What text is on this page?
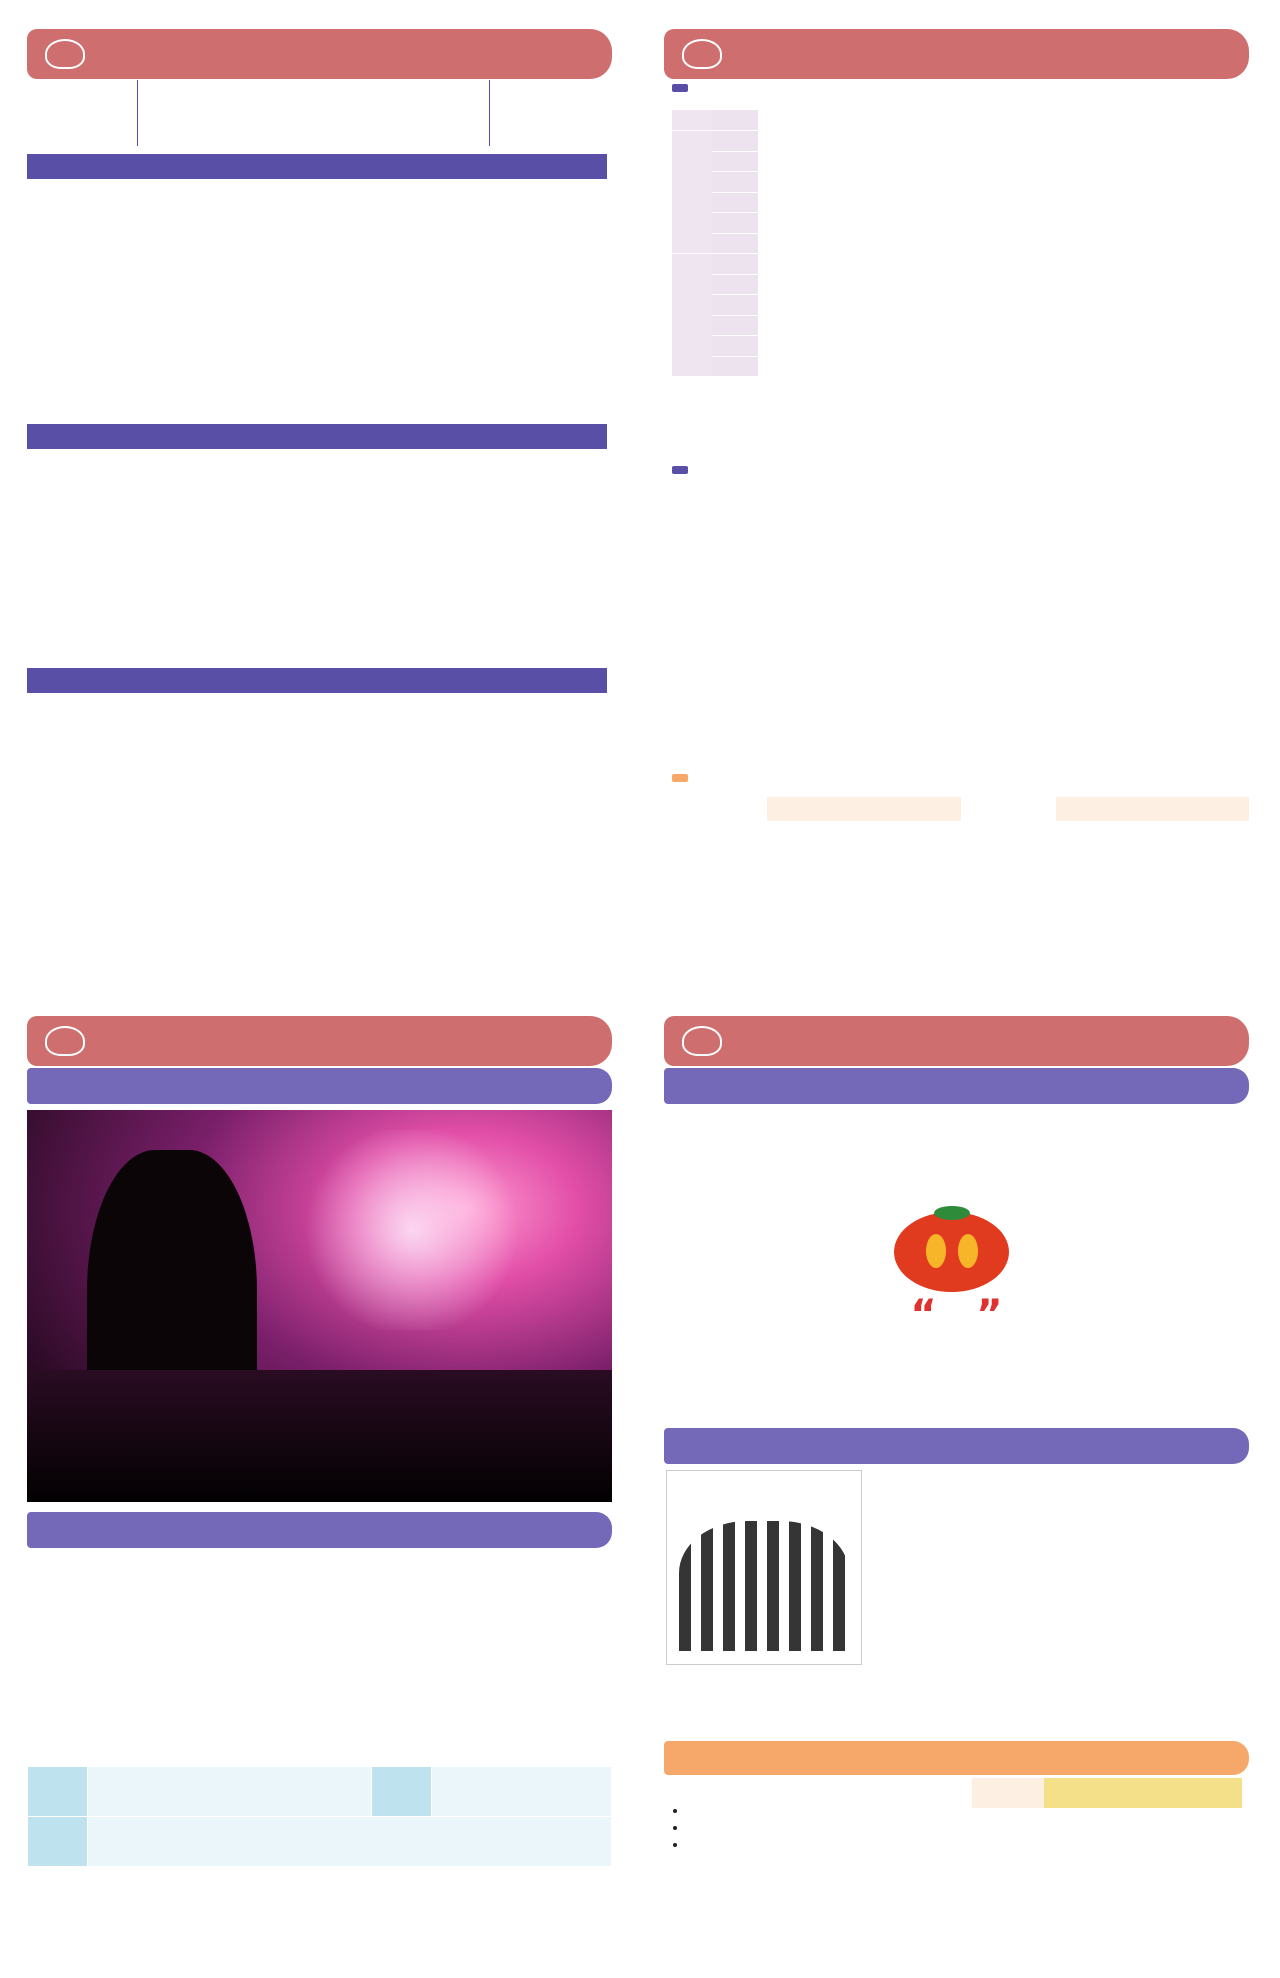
“ ”
•
•
•
